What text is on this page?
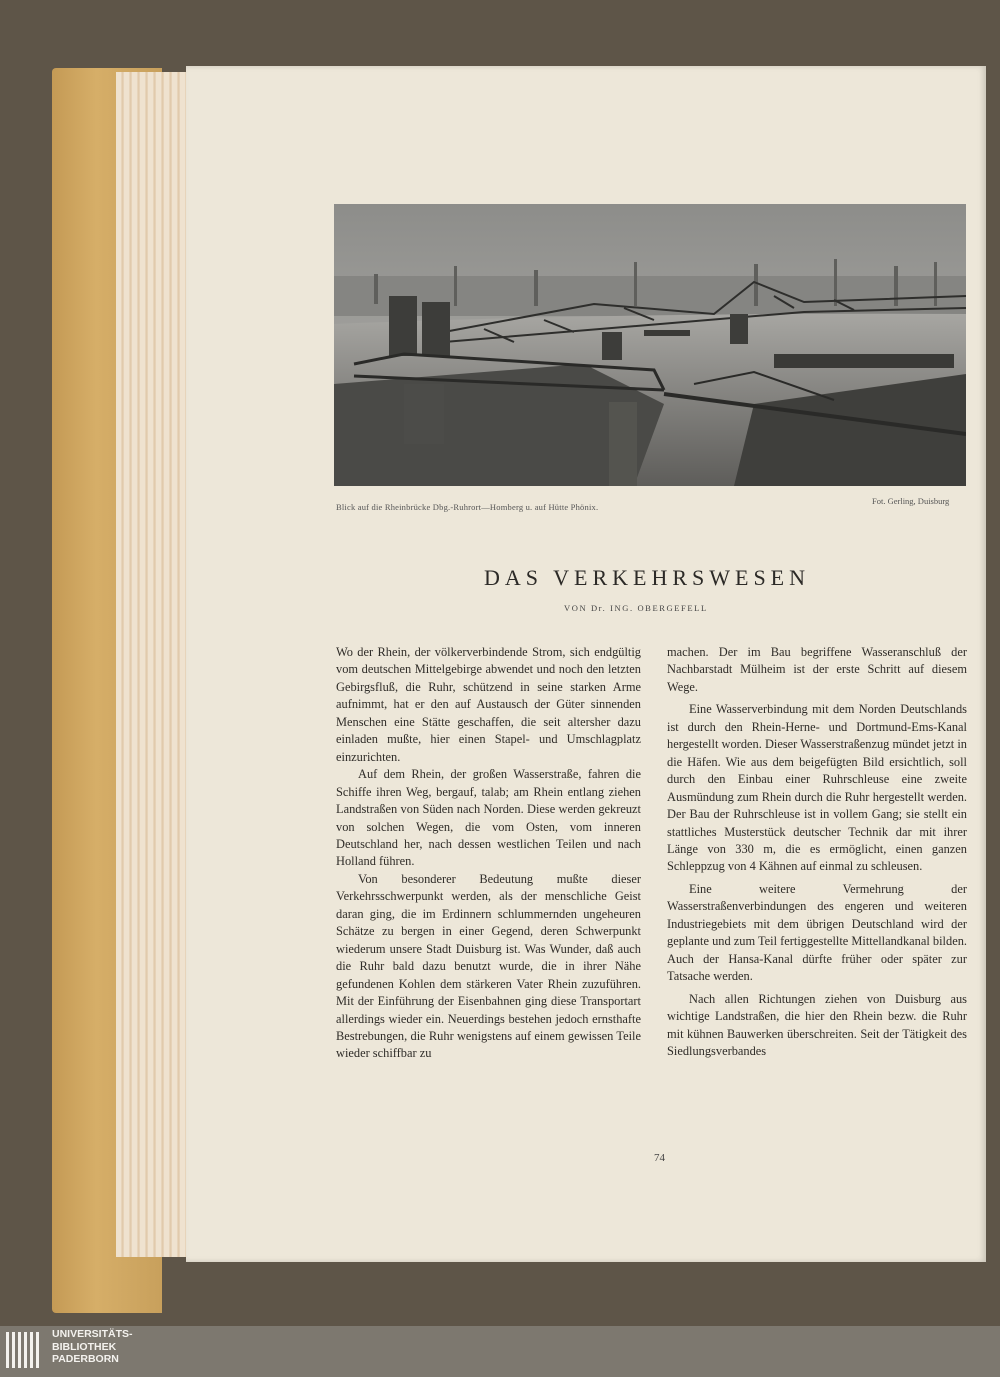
Blick auf die Rheinbrücke Dbg.-Ruhrort—Homberg u. auf Hütte Phönix.
Fot. Gerling, Duisburg
DAS VERKEHRSWESEN
VON Dr. ING. OBERGEFELL

Wo der Rhein, der völkerverbindende Strom, sich endgültig vom deutschen Mittelgebirge abwendet und noch den letzten Gebirgsfluß, die Ruhr, schützend in seine starken Arme aufnimmt, hat er den auf Austausch der Güter sinnenden Menschen eine Stätte geschaffen, die seit altersher dazu einladen mußte, hier einen Stapel- und Umschlagplatz einzurichten.

Auf dem Rhein, der großen Wasserstraße, fahren die Schiffe ihren Weg, bergauf, talab; am Rhein entlang ziehen Landstraßen von Süden nach Norden. Diese werden gekreuzt von solchen Wegen, die vom Osten, vom inneren Deutschland her, nach dessen westlichen Teilen und nach Holland führen.

Von besonderer Bedeutung mußte dieser Verkehrsschwerpunkt werden, als der menschliche Geist daran ging, die im Erdinnern schlummernden ungeheuren Schätze zu bergen in einer Gegend, deren Schwerpunkt wiederum unsere Stadt Duisburg ist. Was Wunder, daß auch die Ruhr bald dazu benutzt wurde, die in ihrer Nähe gefundenen Kohlen dem stärkeren Vater Rhein zuzuführen. Mit der Einführung der Eisenbahnen ging diese Transportart allerdings wieder ein. Neuerdings bestehen jedoch ernsthafte Bestrebungen, die Ruhr wenigstens auf einem gewissen Teile wieder schiffbar zu

machen. Der im Bau begriffene Wasseranschluß der Nachbarstadt Mülheim ist der erste Schritt auf diesem Wege.

Eine Wasserverbindung mit dem Norden Deutschlands ist durch den Rhein-Herne- und Dortmund-Ems-Kanal hergestellt worden. Dieser Wasserstraßenzug mündet jetzt in die Häfen. Wie aus dem beigefügten Bild ersichtlich, soll durch den Einbau einer Ruhrschleuse eine zweite Ausmündung zum Rhein durch die Ruhr hergestellt werden. Der Bau der Ruhrschleuse ist in vollem Gang; sie stellt ein stattliches Musterstück deutscher Technik dar mit ihrer Länge von 330 m, die es ermöglicht, einen ganzen Schleppzug von 4 Kähnen auf einmal zu schleusen.

Eine weitere Vermehrung der Wasserstraßenverbindungen des engeren und weiteren Industriegebiets mit dem übrigen Deutschland wird der geplante und zum Teil fertiggestellte Mittellandkanal bilden. Auch der Hansa-Kanal dürfte früher oder später zur Tatsache werden.

Nach allen Richtungen ziehen von Duisburg aus wichtige Landstraßen, die hier den Rhein bezw. die Ruhr mit kühnen Bauwerken überschreiten. Seit der Tätigkeit des Siedlungsverbandes

74
UNIVERSITÄTS-
BIBLIOTHEK
PADERBORN
